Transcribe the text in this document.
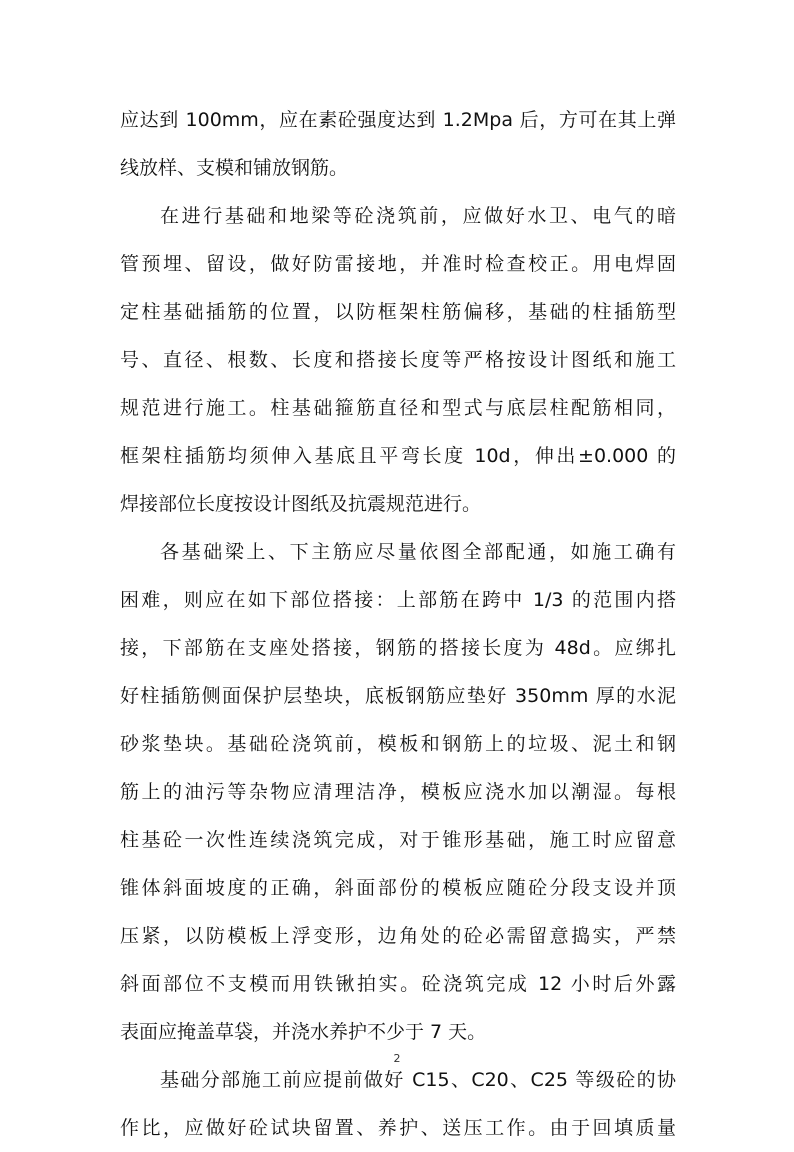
应达到 100mm，应在素砼强度达到 1.2Mpa 后，方可在其上弹
线放样、支模和铺放钢筋。
在进行基础和地梁等砼浇筑前，应做好水卫、电气的暗
管预埋、留设，做好防雷接地，并准时检查校正。用电焊固
定柱基础插筋的位置，以防框架柱筋偏移，基础的柱插筋型
号、直径、根数、长度和搭接长度等严格按设计图纸和施工
规范进行施工。柱基础箍筋直径和型式与底层柱配筋相同，
框架柱插筋均须伸入基底且平弯长度 10d，伸出±0.000 的
焊接部位长度按设计图纸及抗震规范进行。
各基础梁上、下主筋应尽量依图全部配通，如施工确有
困难，则应在如下部位搭接：上部筋在跨中 1/3 的范围内搭
接，下部筋在支座处搭接，钢筋的搭接长度为 48d。应绑扎
好柱插筋侧面保护层垫块，底板钢筋应垫好 350mm 厚的水泥
砂浆垫块。基础砼浇筑前，模板和钢筋上的垃圾、泥土和钢
筋上的油污等杂物应清理洁净，模板应浇水加以潮湿。每根
柱基砼一次性连续浇筑完成，对于锥形基础，施工时应留意
锥体斜面坡度的正确，斜面部份的模板应随砼分段支设并顶
压紧，以防模板上浮变形，边角处的砼必需留意捣实，严禁
斜面部位不支模而用铁锹拍实。砼浇筑完成 12 小时后外露
表面应掩盖草袋，并浇水养护不少于 7 天。
基础分部施工前应提前做好 C15、C20、C25 等级砼的协
作比，应做好砼试块留置、养护、送压工作。由于回填质量
2
